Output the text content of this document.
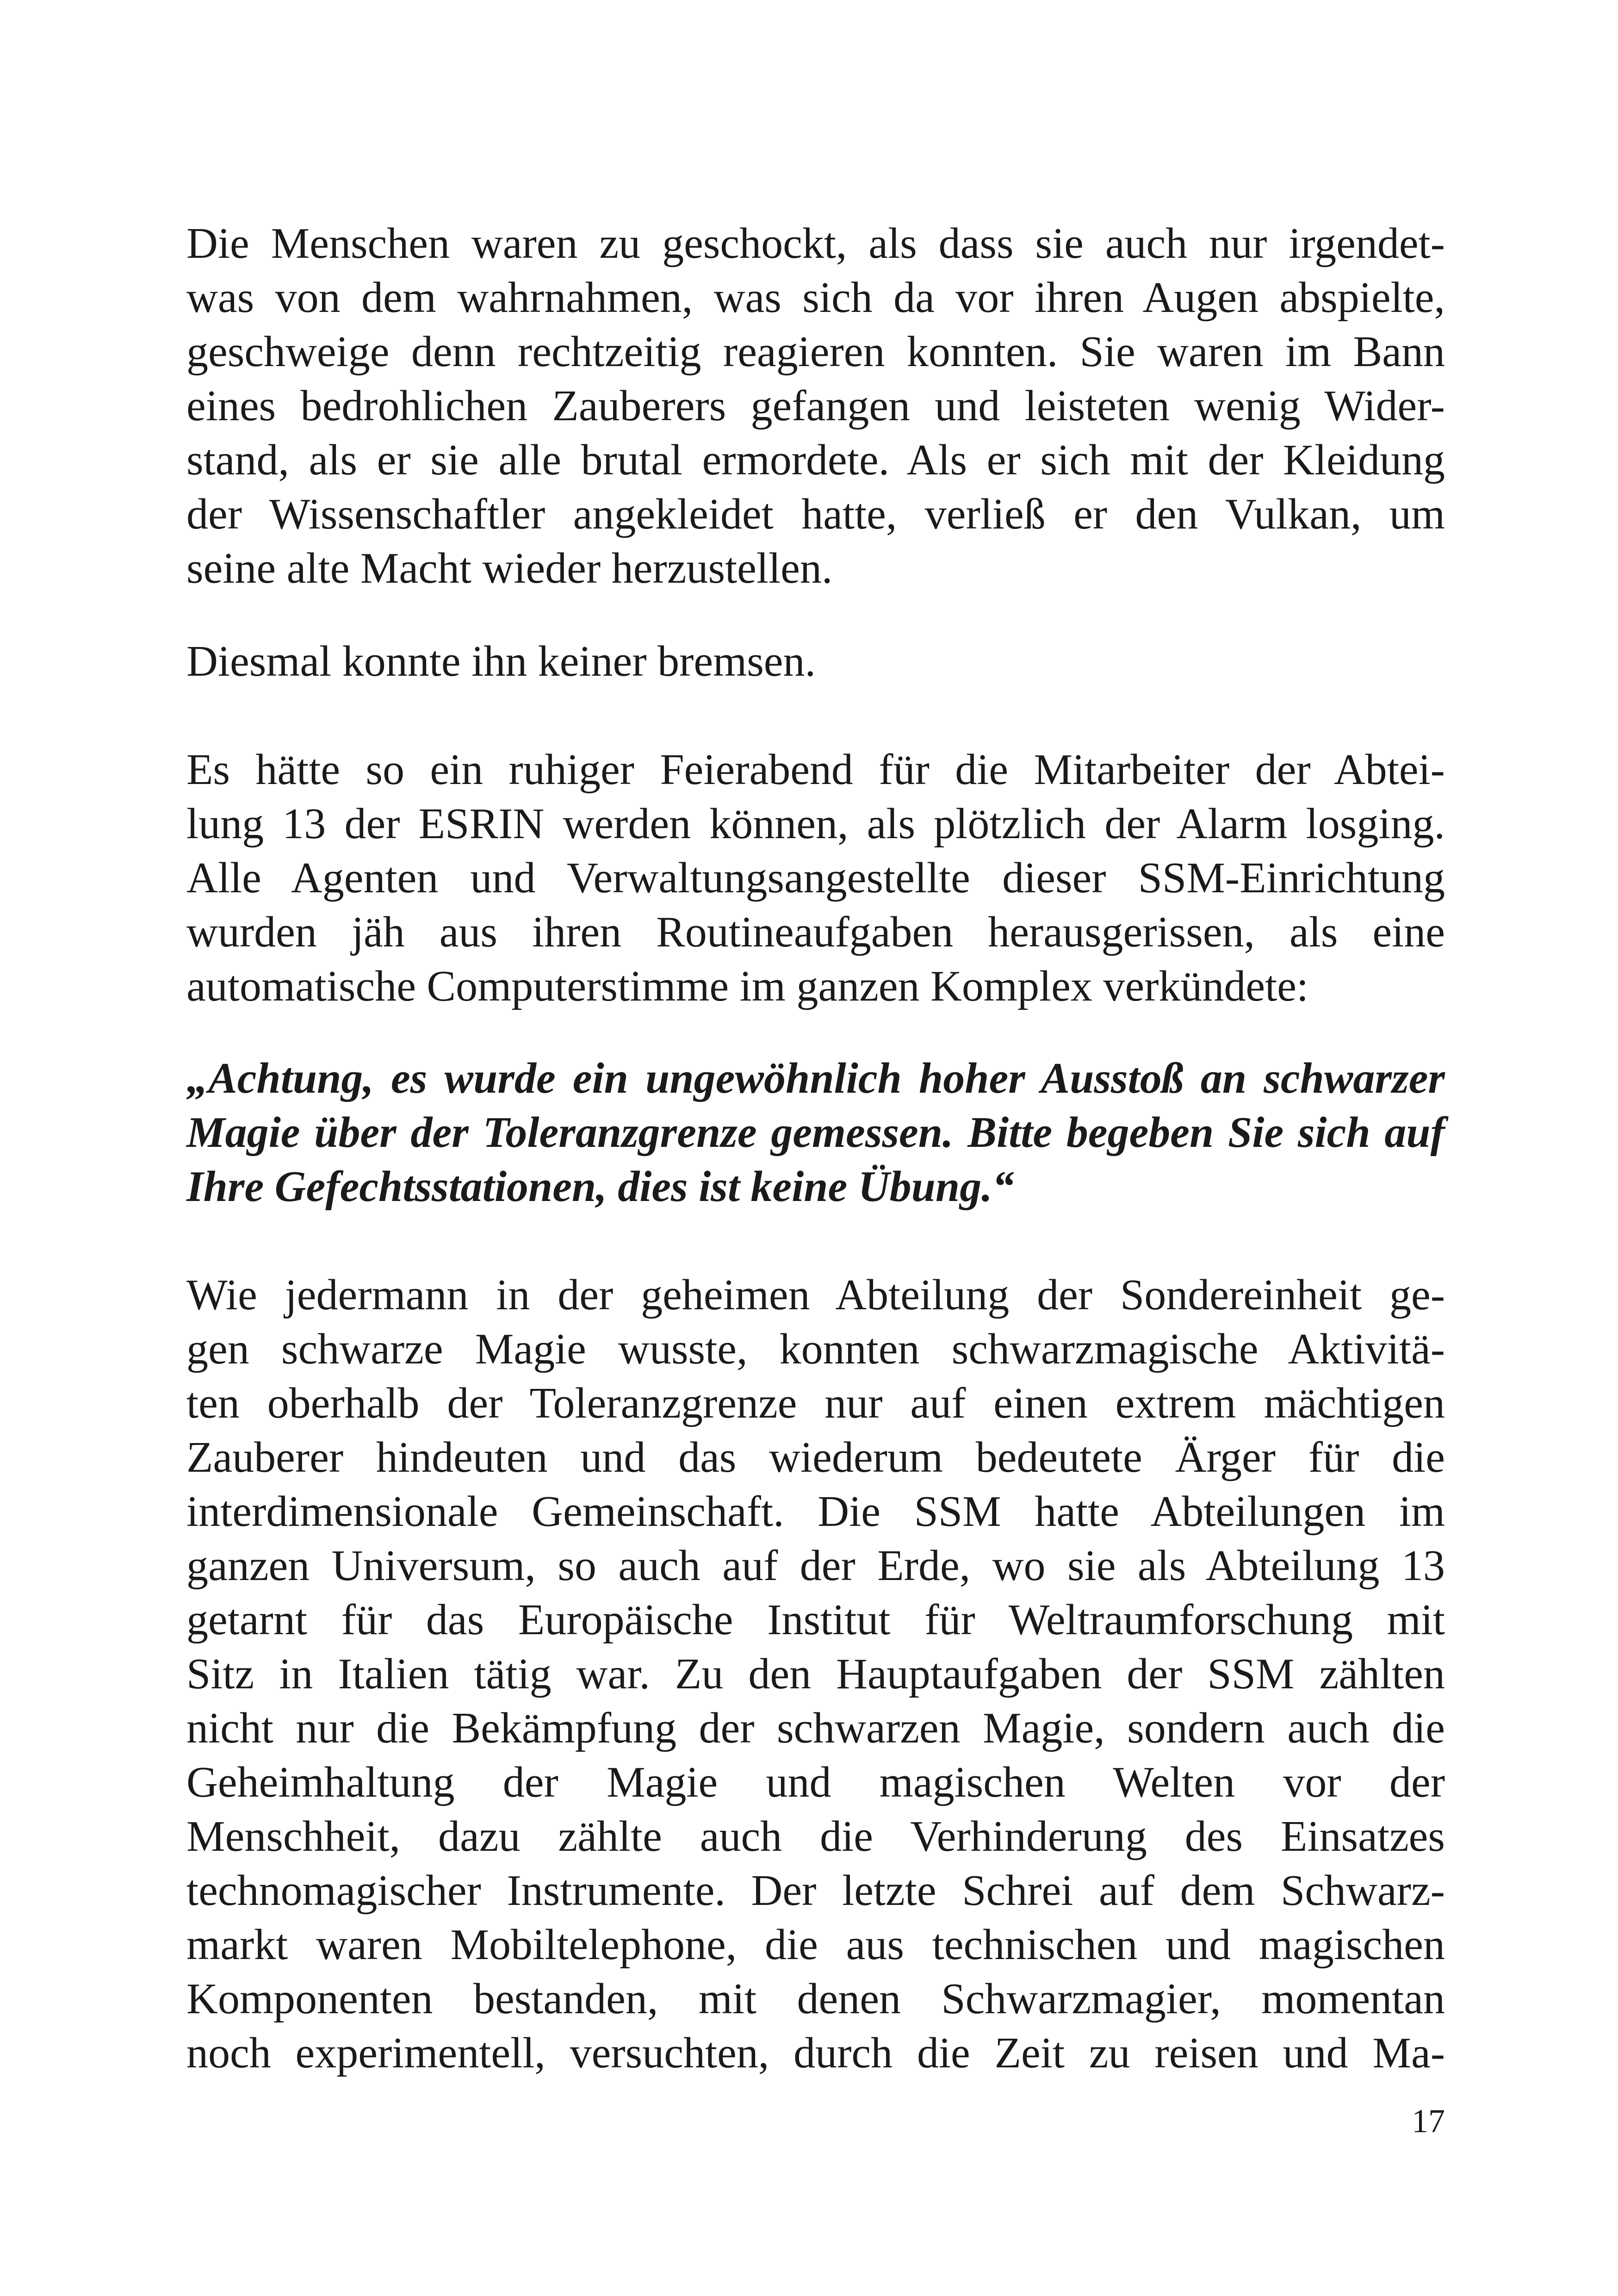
Die Menschen waren zu geschockt, als dass sie auch nur irgendet-
was von dem wahrnahmen, was sich da vor ihren Augen abspielte,
geschweige denn rechtzeitig reagieren konnten. Sie waren im Bann
eines bedrohlichen Zauberers gefangen und leisteten wenig Wider-
stand, als er sie alle brutal ermordete. Als er sich mit der Kleidung
der Wissenschaftler angekleidet hatte, verließ er den Vulkan, um
seine alte Macht wieder herzustellen.
Diesmal konnte ihn keiner bremsen.
Es hätte so ein ruhiger Feierabend für die Mitarbeiter der Abtei-
lung 13 der ESRIN werden können, als plötzlich der Alarm losging.
Alle Agenten und Verwaltungsangestellte dieser SSM-Einrichtung
wurden jäh aus ihren Routineaufgaben herausgerissen, als eine
automatische Computerstimme im ganzen Komplex verkündete:
„Achtung, es wurde ein ungewöhnlich hoher Ausstoß an schwarzer
Magie über der Toleranzgrenze gemessen. Bitte begeben Sie sich auf
Ihre Gefechtsstationen, dies ist keine Übung.“
Wie jedermann in der geheimen Abteilung der Sondereinheit ge-
gen schwarze Magie wusste, konnten schwarzmagische Aktivitä-
ten oberhalb der Toleranzgrenze nur auf einen extrem mächtigen
Zauberer hindeuten und das wiederum bedeutete Ärger für die
interdimensionale Gemeinschaft. Die SSM hatte Abteilungen im
ganzen Universum, so auch auf der Erde, wo sie als Abteilung 13
getarnt für das Europäische Institut für Weltraumforschung mit
Sitz in Italien tätig war. Zu den Hauptaufgaben der SSM zählten
nicht nur die Bekämpfung der schwarzen Magie, sondern auch die
Geheimhaltung der Magie und magischen Welten vor der
Menschheit, dazu zählte auch die Verhinderung des Einsatzes
technomagischer Instrumente. Der letzte Schrei auf dem Schwarz-
markt waren Mobiltelephone, die aus technischen und magischen
Komponenten bestanden, mit denen Schwarzmagier, momentan
noch experimentell, versuchten, durch die Zeit zu reisen und Ma-
17
